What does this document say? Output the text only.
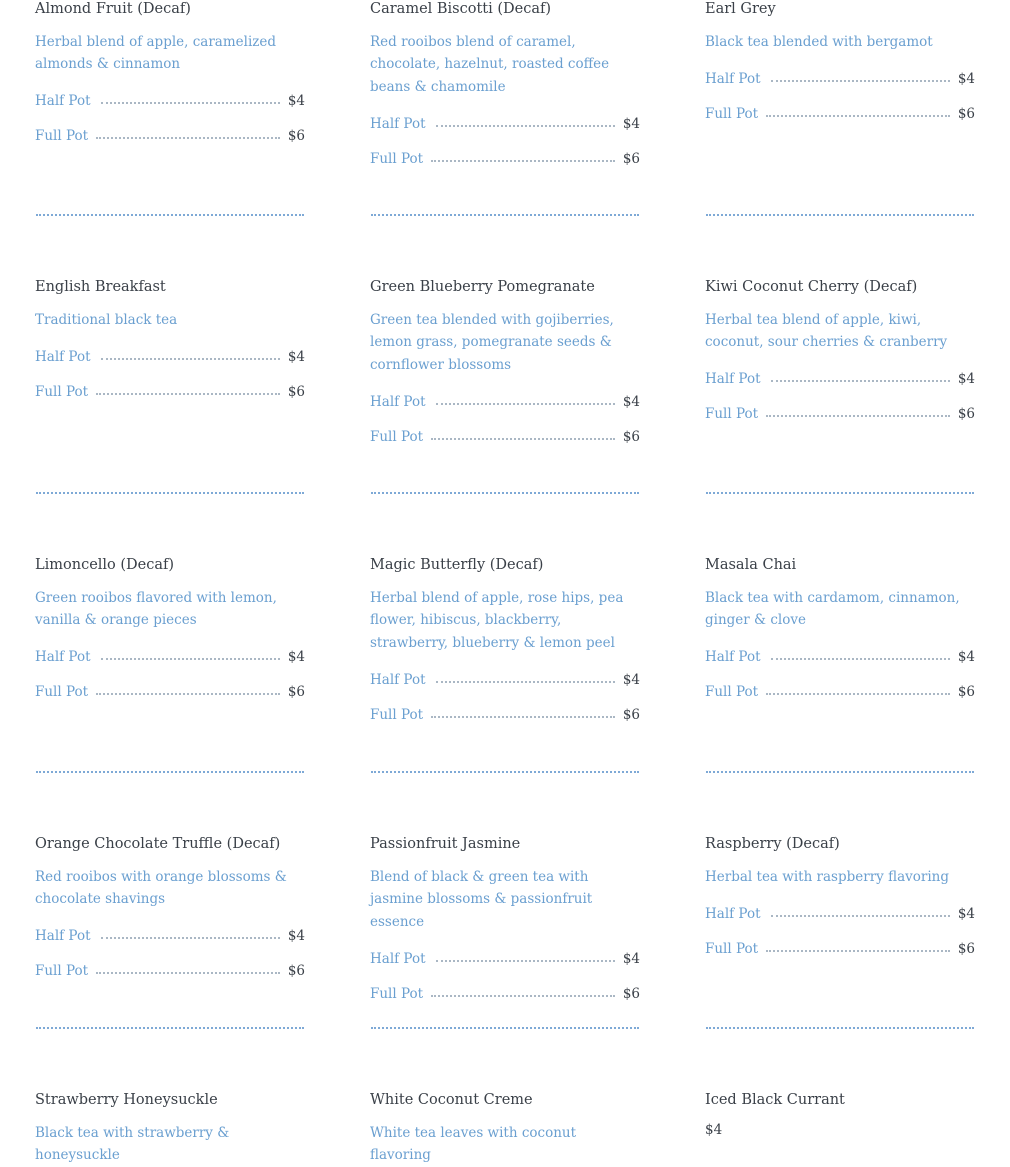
Almond Fruit (Decaf)
Herbal blend of apple, caramelized almonds & cinnamon
Half Pot	$4
Full Pot	$6
Caramel Biscotti (Decaf)
Red rooibos blend of caramel, chocolate, hazelnut, roasted coffee beans & chamomile
Half Pot	$4
Full Pot	$6
Earl Grey
Black tea blended with bergamot
Half Pot	$4
Full Pot	$6
English Breakfast
Traditional black tea
Half Pot	$4
Full Pot	$6
Green Blueberry Pomegranate
Green tea blended with gojiberries, lemon grass, pomegranate seeds & cornflower blossoms
Half Pot	$4
Full Pot	$6
Kiwi Coconut Cherry (Decaf)
Herbal tea blend of apple, kiwi, coconut, sour cherries & cranberry
Half Pot	$4
Full Pot	$6
Limoncello (Decaf)
Green rooibos flavored with lemon, vanilla & orange pieces
Half Pot	$4
Full Pot	$6
Magic Butterfly (Decaf)
Herbal blend of apple, rose hips, pea flower, hibiscus, blackberry, strawberry, blueberry & lemon peel
Half Pot	$4
Full Pot	$6
Masala Chai
Black tea with cardamom, cinnamon, ginger & clove
Half Pot	$4
Full Pot	$6
Orange Chocolate Truffle (Decaf)
Red rooibos with orange blossoms & chocolate shavings
Half Pot	$4
Full Pot	$6
Passionfruit Jasmine
Blend of black & green tea with jasmine blossoms & passionfruit essence
Half Pot	$4
Full Pot	$6
Raspberry (Decaf)
Herbal tea with raspberry flavoring
Half Pot	$4
Full Pot	$6
Strawberry Honeysuckle
Black tea with strawberry & honeysuckle
White Coconut Creme
White tea leaves with coconut flavoring
Iced Black Currant
$4
